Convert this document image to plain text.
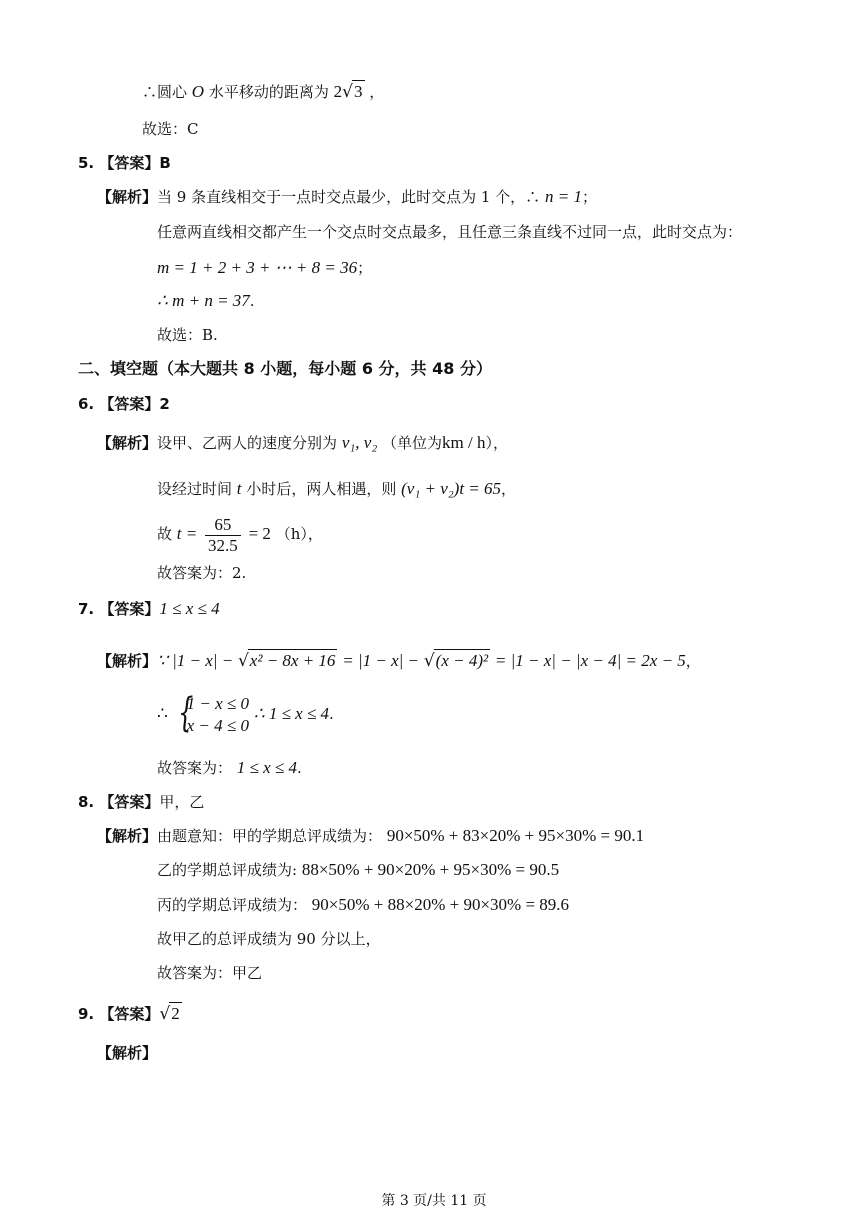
∴圆心 O 水平移动的距离为 2√3 ，
故选：C
5. 【答案】B
【解析】当 9 条直线相交于一点时交点最少，此时交点为 1 个，∴ n = 1；
任意两直线相交都产生一个交点时交点最多，且任意三条直线不过同一点，此时交点为：
m = 1 + 2 + 3 + ⋯ + 8 = 36；
∴ m + n = 37.
故选：B.
二、填空题（本大题共 8 小题，每小题 6 分，共 48 分）
6. 【答案】2
【解析】设甲、乙两人的速度分别为 v₁, v₂ （单位为km / h），
设经过时间 t 小时后，两人相遇，则 (v₁ + v₂)t = 65，
故 $t = \frac{65}{32.5} = 2$ （h），
故答案为：2.
7. 【答案】1 ≤ x ≤ 4
【解析】∵ |1 − x| − √x² − 8x + 16 = |1 − x| − √(x − 4)² = |1 − x| − |x − 4| = 2x − 5，
∴ {
1 − x ≤ 0
x − 4 ≤ 0
∴ 1 ≤ x ≤ 4.
故答案为： 1 ≤ x ≤ 4.
8. 【答案】甲，乙
【解析】由题意知：甲的学期总评成绩为： 90×50% + 83×20% + 95×30% = 90.1
乙的学期总评成绩为: 88×50% + 90×20% + 95×30% = 90.5
丙的学期总评成绩为： 90×50% + 88×20% + 90×30% = 89.6
故甲乙的总评成绩为 90 分以上，
故答案为：甲乙
9. 【答案】√2
【解析】
第 3 页/共 11 页
